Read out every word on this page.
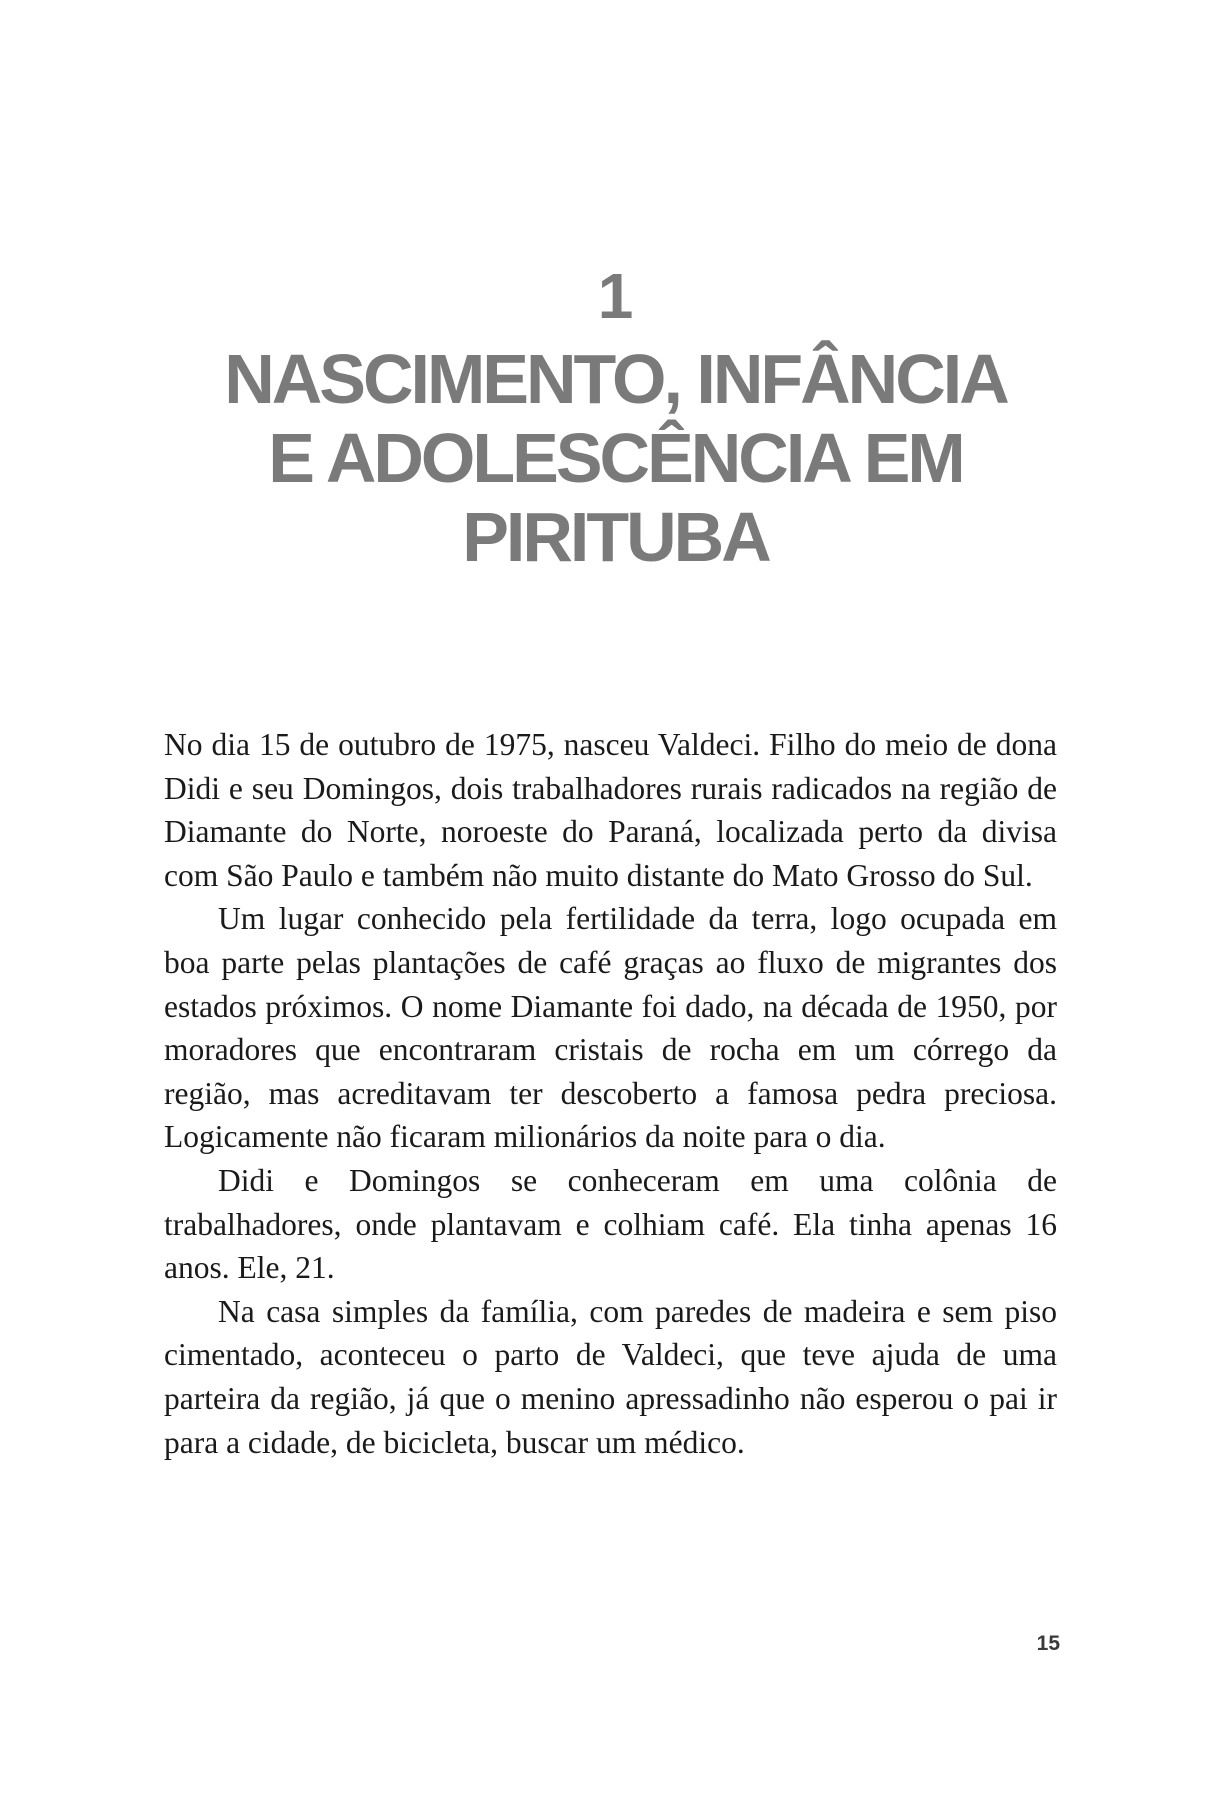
1
NASCIMENTO, INFÂNCIA
E ADOLESCÊNCIA EM
PIRITUBA

No dia 15 de outubro de 1975, nasceu Valdeci. Filho do meio de dona Didi e seu Domingos, dois trabalhadores rurais radicados na região de Diamante do Norte, noroeste do Paraná, localizada perto da divisa com São Paulo e também não muito distante do Mato Grosso do Sul.

Um lugar conhecido pela fertilidade da terra, logo ocupada em boa parte pelas plantações de café graças ao fluxo de migrantes dos estados próximos. O nome Diamante foi dado, na década de 1950, por moradores que encontraram cristais de rocha em um córrego da região, mas acreditavam ter descoberto a famosa pedra preciosa. Logicamente não ficaram milionários da noite para o dia.

Didi e Domingos se conheceram em uma colônia de trabalhadores, onde plantavam e colhiam café. Ela tinha apenas 16 anos. Ele, 21.

Na casa simples da família, com paredes de madeira e sem piso cimentado, aconteceu o parto de Valdeci, que teve ajuda de uma parteira da região, já que o menino apressadinho não esperou o pai ir para a cidade, de bicicleta, buscar um médico.

15
